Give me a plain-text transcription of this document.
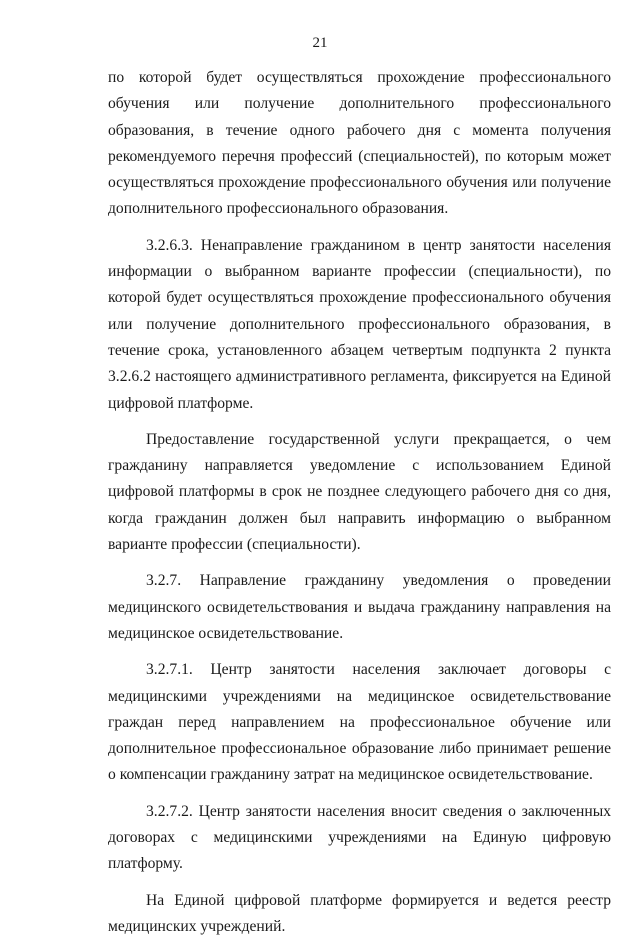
21

по которой будет осуществляться прохождение профессионального обучения или получение дополнительного профессионального образования, в течение одного рабочего дня с момента получения рекомендуемого перечня профессий (специальностей), по которым может осуществляться прохождение профессионального обучения или получение дополнительного профессионального образования.

3.2.6.3. Ненаправление гражданином в центр занятости населения информации о выбранном варианте профессии (специальности), по которой будет осуществляться прохождение профессионального обучения или получение дополнительного профессионального образования, в течение срока, установленного абзацем четвертым подпункта 2 пункта 3.2.6.2 настоящего административного регламента, фиксируется на Единой цифровой платформе.

Предоставление государственной услуги прекращается, о чем гражданину направляется уведомление с использованием Единой цифровой платформы в срок не позднее следующего рабочего дня со дня, когда гражданин должен был направить информацию о выбранном варианте профессии (специальности).

3.2.7. Направление гражданину уведомления о проведении медицинского освидетельствования и выдача гражданину направления на медицинское освидетельствование.

3.2.7.1. Центр занятости населения заключает договоры с медицинскими учреждениями на медицинское освидетельствование граждан перед направлением на профессиональное обучение или дополнительное профессиональное образование либо принимает решение о компенсации гражданину затрат на медицинское освидетельствование.

3.2.7.2. Центр занятости населения вносит сведения о заключенных договорах с медицинскими учреждениями на Единую цифровую платформу.

На Единой цифровой платформе формируется и ведется реестр медицинских учреждений.
